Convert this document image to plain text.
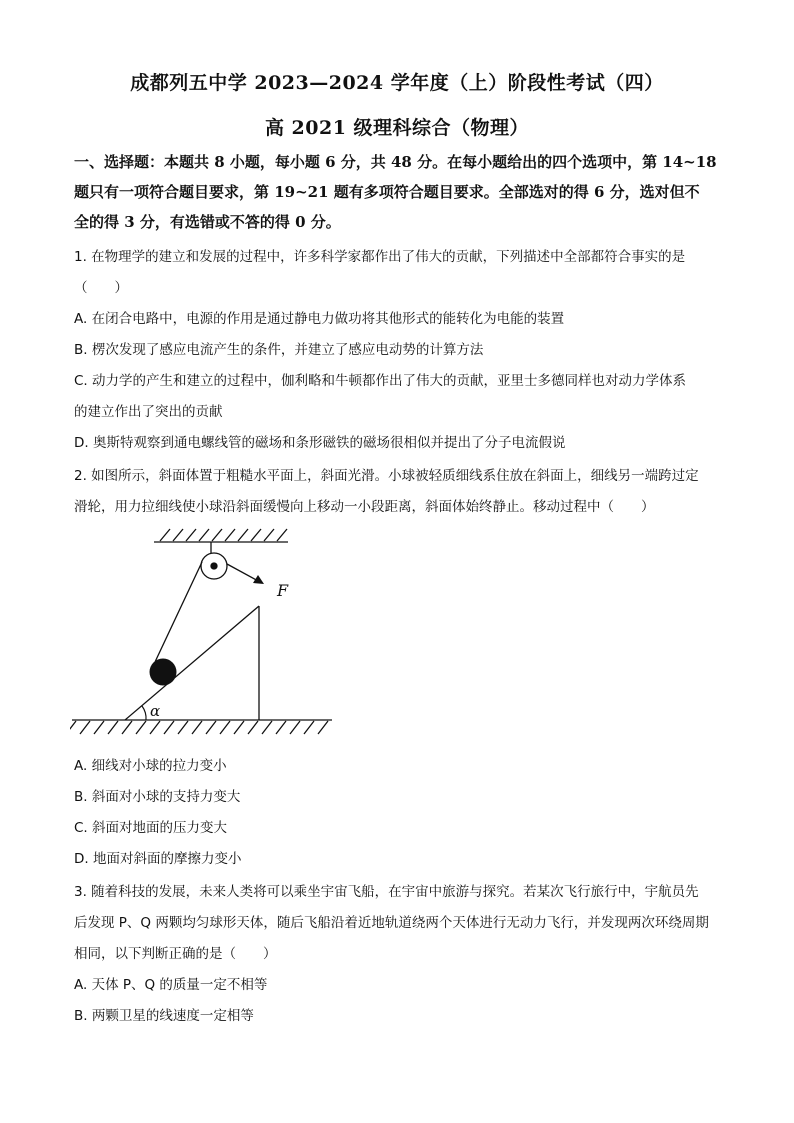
成都列五中学 2023—2024 学年度（上）阶段性考试（四）
高 2021 级理科综合（物理）
一、选择题：本题共 8 小题，每小题 6 分，共 48 分。在每小题给出的四个选项中，第 14~18
题只有一项符合题目要求，第 19~21 题有多项符合题目要求。全部选对的得 6 分，选对但不
全的得 3 分，有选错或不答的得 0 分。
1. 在物理学的建立和发展的过程中，许多科学家都作出了伟大的贡献，下列描述中全部都符合事实的是
（　　）
A. 在闭合电路中，电源的作用是通过静电力做功将其他形式的能转化为电能的装置
B. 楞次发现了感应电流产生的条件，并建立了感应电动势的计算方法
C. 动力学的产生和建立的过程中，伽利略和牛顿都作出了伟大的贡献，亚里士多德同样也对动力学体系
的建立作出了突出的贡献
D. 奥斯特观察到通电螺线管的磁场和条形磁铁的磁场很相似并提出了分子电流假说
2. 如图所示，斜面体置于粗糙水平面上，斜面光滑。小球被轻质细线系住放在斜面上，细线另一端跨过定
滑轮，用力拉细线使小球沿斜面缓慢向上移动一小段距离，斜面体始终静止。移动过程中（　　）
F
α
A. 细线对小球的拉力变小
B. 斜面对小球的支持力变大
C. 斜面对地面的压力变大
D. 地面对斜面的摩擦力变小
3. 随着科技的发展，未来人类将可以乘坐宇宙飞船，在宇宙中旅游与探究。若某次飞行旅行中，宇航员先
后发现 P、Q 两颗均匀球形天体，随后飞船沿着近地轨道绕两个天体进行无动力飞行，并发现两次环绕周期
相同，以下判断正确的是（　　）
A. 天体 P、Q 的质量一定不相等
B. 两颗卫星的线速度一定相等
